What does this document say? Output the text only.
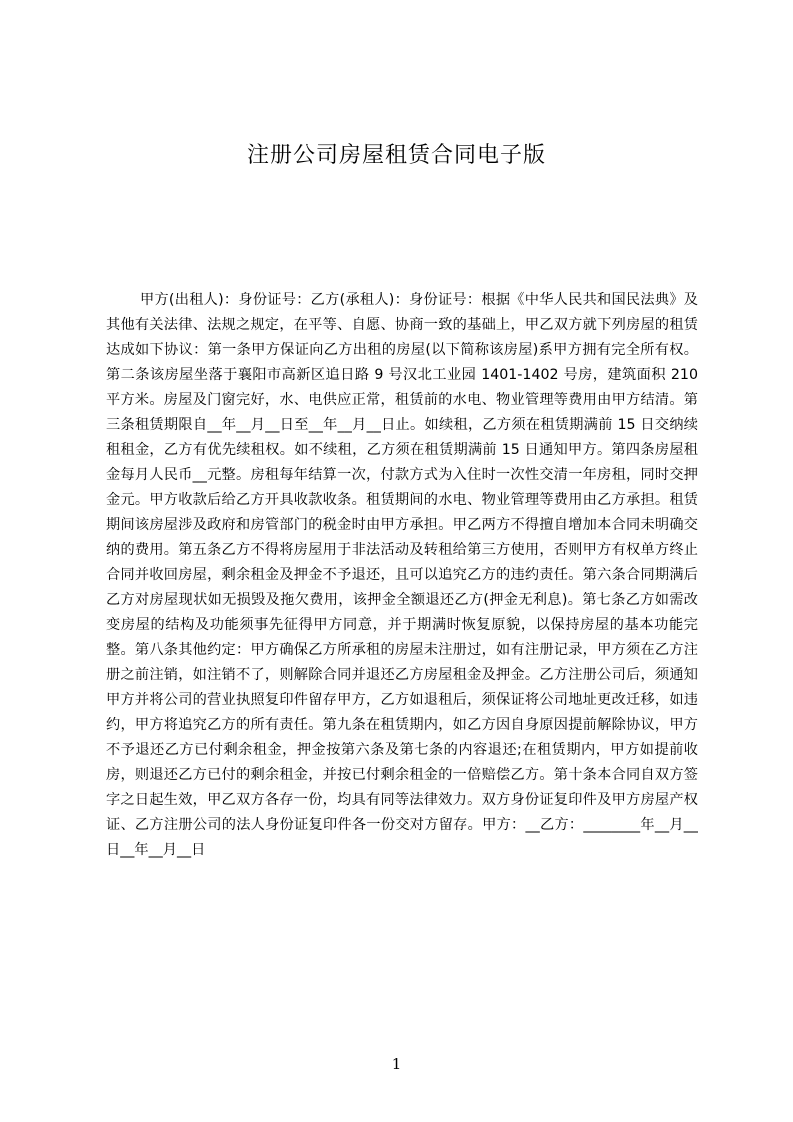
注册公司房屋租赁合同电子版
甲方(出租人)：身份证号：乙方(承租人)：身份证号：根据《中华人民共和国民法典》及其他有关法律、法规之规定，在平等、自愿、协商一致的基础上，甲乙双方就下列房屋的租赁达成如下协议：第一条甲方保证向乙方出租的房屋(以下简称该房屋)系甲方拥有完全所有权。第二条该房屋坐落于襄阳市高新区追日路 9 号汉北工业园 1401-1402 号房，建筑面积 210 平方米。房屋及门窗完好，水、电供应正常，租赁前的水电、物业管理等费用由甲方结清。第三条租赁期限自__年__月__日至__年__月__日止。如续租，乙方须在租赁期满前 15 日交纳续租租金，乙方有优先续租权。如不续租，乙方须在租赁期满前 15 日通知甲方。第四条房屋租金每月人民币__元整。房租每年结算一次，付款方式为入住时一次性交清一年房租，同时交押金元。甲方收款后给乙方开具收款收条。租赁期间的水电、物业管理等费用由乙方承担。租赁期间该房屋涉及政府和房管部门的税金时由甲方承担。甲乙两方不得擅自增加本合同未明确交纳的费用。第五条乙方不得将房屋用于非法活动及转租给第三方使用，否则甲方有权单方终止合同并收回房屋，剩余租金及押金不予退还，且可以追究乙方的违约责任。第六条合同期满后乙方对房屋现状如无损毁及拖欠费用，该押金全额退还乙方(押金无利息)。第七条乙方如需改变房屋的结构及功能须事先征得甲方同意，并于期满时恢复原貌，以保持房屋的基本功能完整。第八条其他约定：甲方确保乙方所承租的房屋未注册过，如有注册记录，甲方须在乙方注册之前注销，如注销不了，则解除合同并退还乙方房屋租金及押金。乙方注册公司后，须通知甲方并将公司的营业执照复印件留存甲方，乙方如退租后，须保证将公司地址更改迁移，如违约，甲方将追究乙方的所有责任。第九条在租赁期内，如乙方因自身原因提前解除协议，甲方不予退还乙方已付剩余租金，押金按第六条及第七条的内容退还;在租赁期内，甲方如提前收房，则退还乙方已付的剩余租金，并按已付剩余租金的一倍赔偿乙方。第十条本合同自双方签字之日起生效，甲乙双方各存一份，均具有同等法律效力。双方身份证复印件及甲方房屋产权证、乙方注册公司的法人身份证复印件各一份交对方留存。甲方：__乙方：________年__月__日__年__月__日
1
